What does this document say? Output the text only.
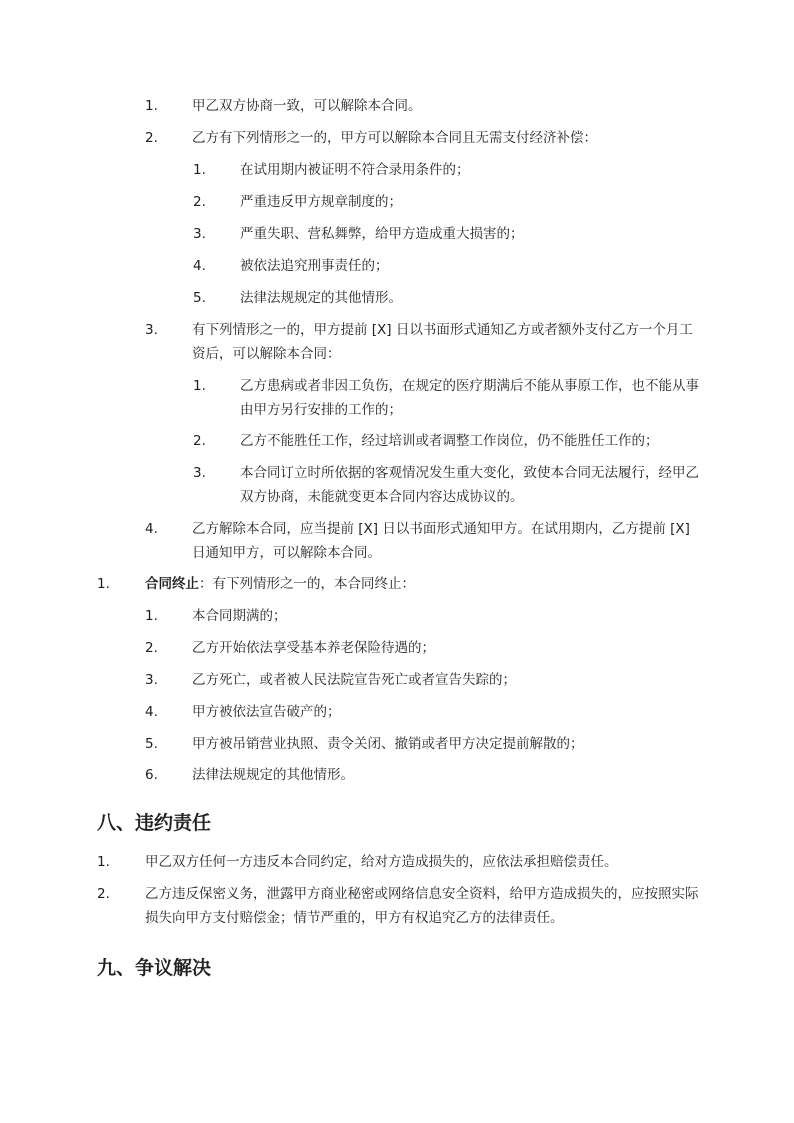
1.	甲乙双方协商一致，可以解除本合同。
2.	乙方有下列情形之一的，甲方可以解除本合同且无需支付经济补偿：
1.	在试用期内被证明不符合录用条件的；
2.	严重违反甲方规章制度的；
3.	严重失职、营私舞弊，给甲方造成重大损害的；
4.	被依法追究刑事责任的；
5.	法律法规规定的其他情形。
3.	有下列情形之一的，甲方提前 [X] 日以书面形式通知乙方或者额外支付乙方一个月工资后，可以解除本合同：
1.	乙方患病或者非因工负伤，在规定的医疗期满后不能从事原工作，也不能从事由甲方另行安排的工作的；
2.	乙方不能胜任工作，经过培训或者调整工作岗位，仍不能胜任工作的；
3.	本合同订立时所依据的客观情况发生重大变化，致使本合同无法履行，经甲乙双方协商，未能就变更本合同内容达成协议的。
4.	乙方解除本合同，应当提前 [X] 日以书面形式通知甲方。在试用期内，乙方提前 [X] 日通知甲方，可以解除本合同。
1.	合同终止：有下列情形之一的，本合同终止：
1.	本合同期满的；
2.	乙方开始依法享受基本养老保险待遇的；
3.	乙方死亡，或者被人民法院宣告死亡或者宣告失踪的；
4.	甲方被依法宣告破产的；
5.	甲方被吊销营业执照、责令关闭、撤销或者甲方决定提前解散的；
6.	法律法规规定的其他情形。
八、违约责任
1.	甲乙双方任何一方违反本合同约定，给对方造成损失的，应依法承担赔偿责任。
2.	乙方违反保密义务，泄露甲方商业秘密或网络信息安全资料，给甲方造成损失的，应按照实际损失向甲方支付赔偿金；情节严重的，甲方有权追究乙方的法律责任。
九、争议解决
